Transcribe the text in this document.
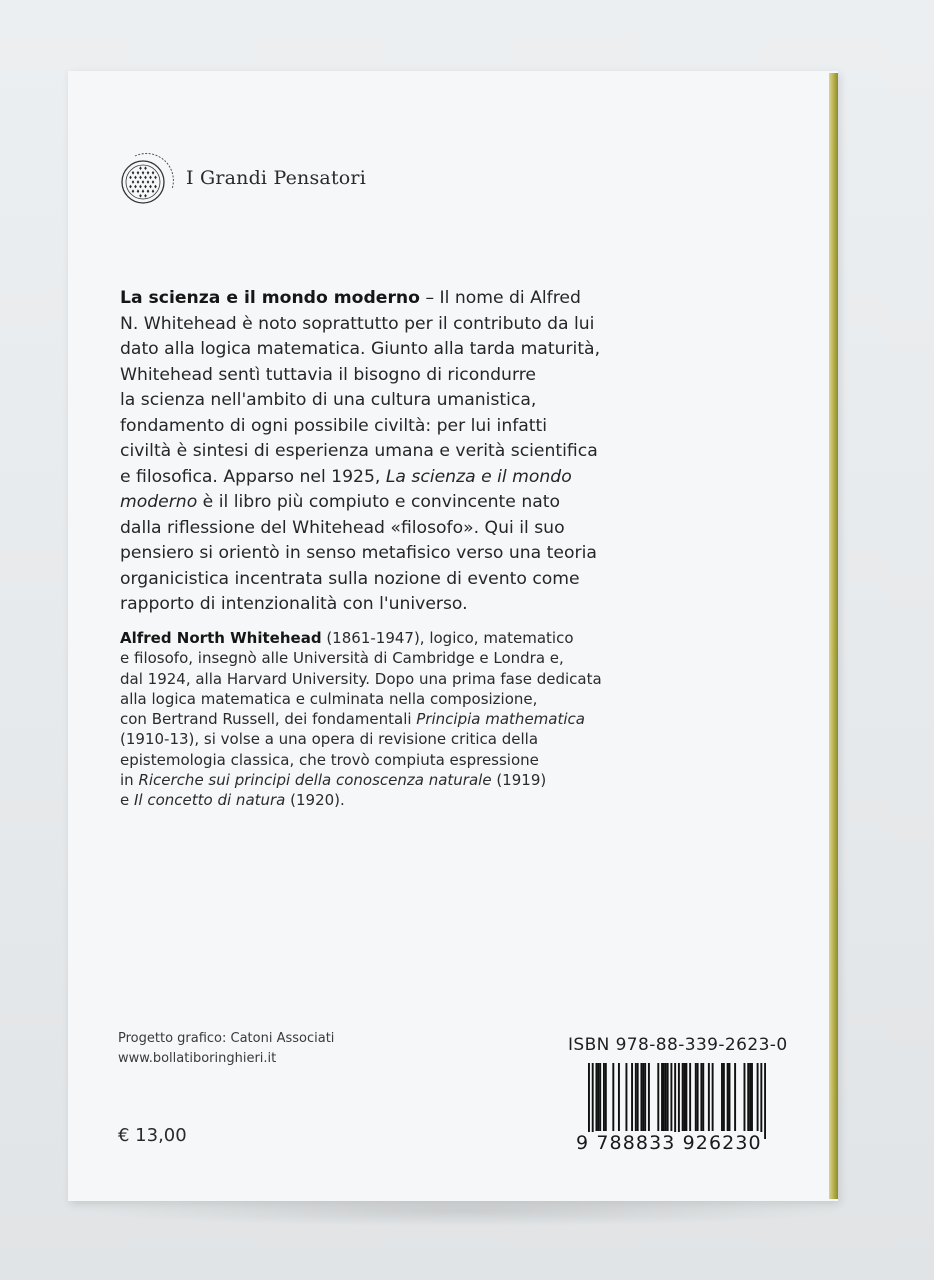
I Grandi Pensatori

La scienza e il mondo moderno – Il nome di Alfred
N. Whitehead è noto soprattutto per il contributo da lui
dato alla logica matematica. Giunto alla tarda maturità,
Whitehead sentì tuttavia il bisogno di ricondurre
la scienza nell'ambito di una cultura umanistica,
fondamento di ogni possibile civiltà: per lui infatti
civiltà è sintesi di esperienza umana e verità scientifica
e filosofica. Apparso nel 1925, La scienza e il mondo
moderno è il libro più compiuto e convincente nato
dalla riflessione del Whitehead «filosofo». Qui il suo
pensiero si orientò in senso metafisico verso una teoria
organicistica incentrata sulla nozione di evento come
rapporto di intenzionalità con l'universo.

Alfred North Whitehead (1861-1947), logico, matematico
e filosofo, insegnò alle Università di Cambridge e Londra e,
dal 1924, alla Harvard University. Dopo una prima fase dedicata
alla logica matematica e culminata nella composizione,
con Bertrand Russell, dei fondamentali Principia mathematica
(1910-13), si volse a una opera di revisione critica della
epistemologia classica, che trovò compiuta espressione
in Ricerche sui principi della conoscenza naturale (1919)
e Il concetto di natura (1920).

Progetto grafico: Catoni Associati
www.bollatiboringhieri.it
€ 13,00
ISBN 978-88-339-2623-0
9 788833 926230
